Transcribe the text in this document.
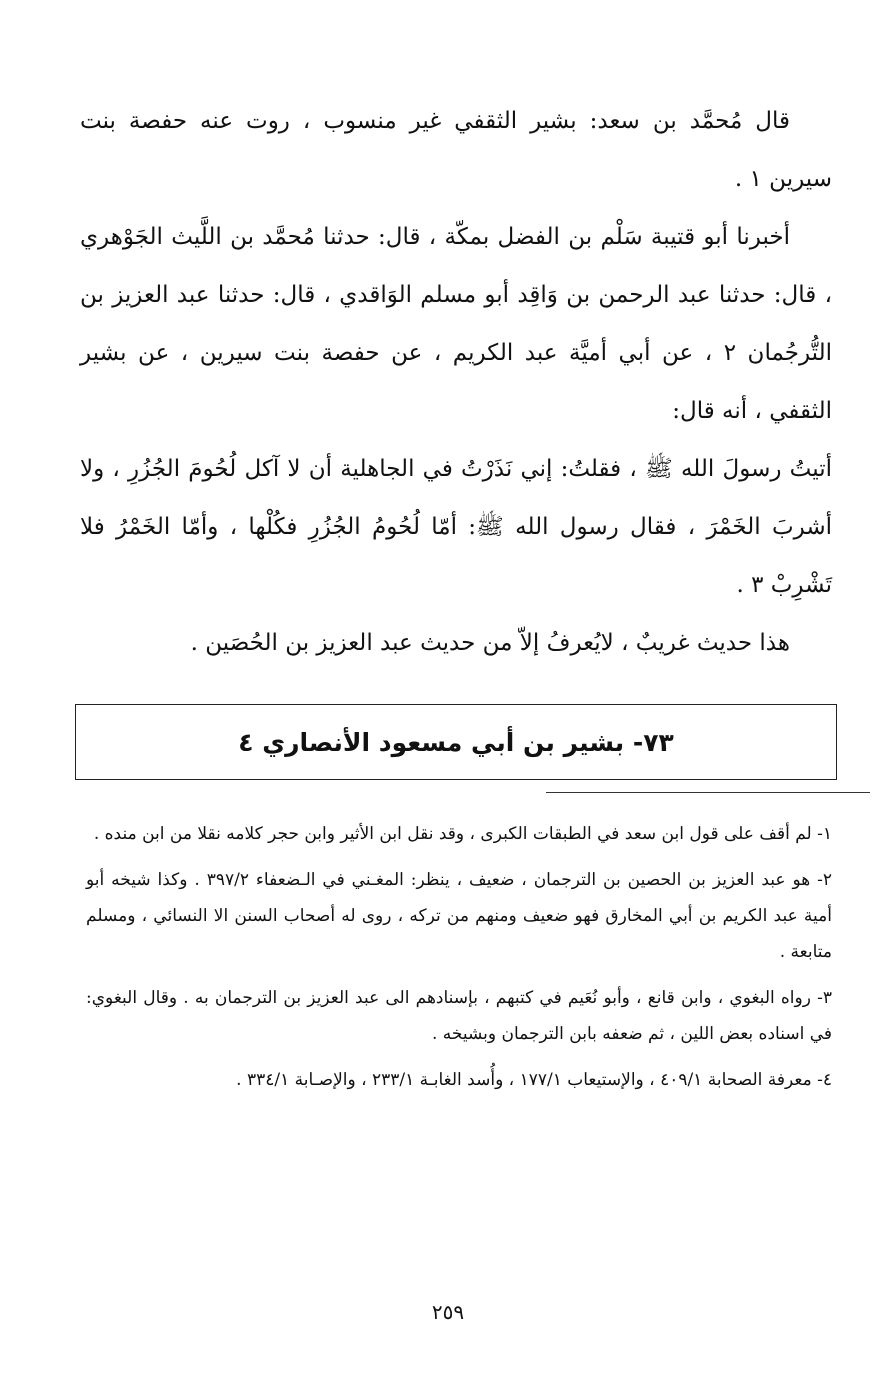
قال مُحمَّد بن سعد: بشير الثقفي غير منسوب ، روت عنه حفصة بنت سيرين ١ .

أخبرنا أبو قتيبة سَلْم بن الفضل بمكّة ، قال: حدثنا مُحمَّد بن اللَّيث الجَوْهري ، قال: حدثنا عبد الرحمن بن وَاقِد أبو مسلم الوَاقدي ، قال: حدثنا عبد العزيز بن التُّرجُمان ٢ ، عن أبي أميَّة عبد الكريم ، عن حفصة بنت سيرين ، عن بشير الثقفي ، أنه قال:

أتيتُ رسولَ الله ﷺ ، فقلتُ: إني نَذَرْتُ في الجاهلية أن لا آكل لُحُومَ الجُزُرِ ، ولا أشربَ الخَمْرَ ، فقال رسول الله ﷺ: أمّا لُحُومُ الجُزُرِ فكُلْها ، وأمّا الخَمْرُ فلا تَشْرِبْ ٣ .

هذا حديث غريبٌ ، لايُعرفُ إلاّ من حديث عبد العزيز بن الحُصَين .

٧٣- بشير بن أبي مسعود الأنصاري ٤

١- لم أقف على قول ابن سعد في الطبقات الكبرى ، وقد نقل ابن الأثير وابن حجر كلامه نقلا من ابن منده .

٢- هو عبد العزيز بن الحصين بن الترجمان ، ضعيف ، ينظر: المغـني في الـضعفاء ٣٩٧/٢ . وكذا شيخه أبو أمية عبد الكريم بن أبي المخارق فهو ضعيف ومنهم من تركه ، روى له أصحاب السنن الا النسائي ، ومسلم متابعة .

٣- رواه البغوي ، وابن قانع ، وأبو نُعَيم في كتبهم ، بإسنادهم الى عبد العزيز بن الترجمان به . وقال البغوي: في اسناده بعض اللين ، ثم ضعفه بابن الترجمان وبشيخه .

٤- معرفة الصحابة ٤٠٩/١ ، والإستيعاب ١٧٧/١ ، وأُسد الغابـة ٢٣٣/١ ، والإصـابة ٣٣٤/١ .

٢٥٩
